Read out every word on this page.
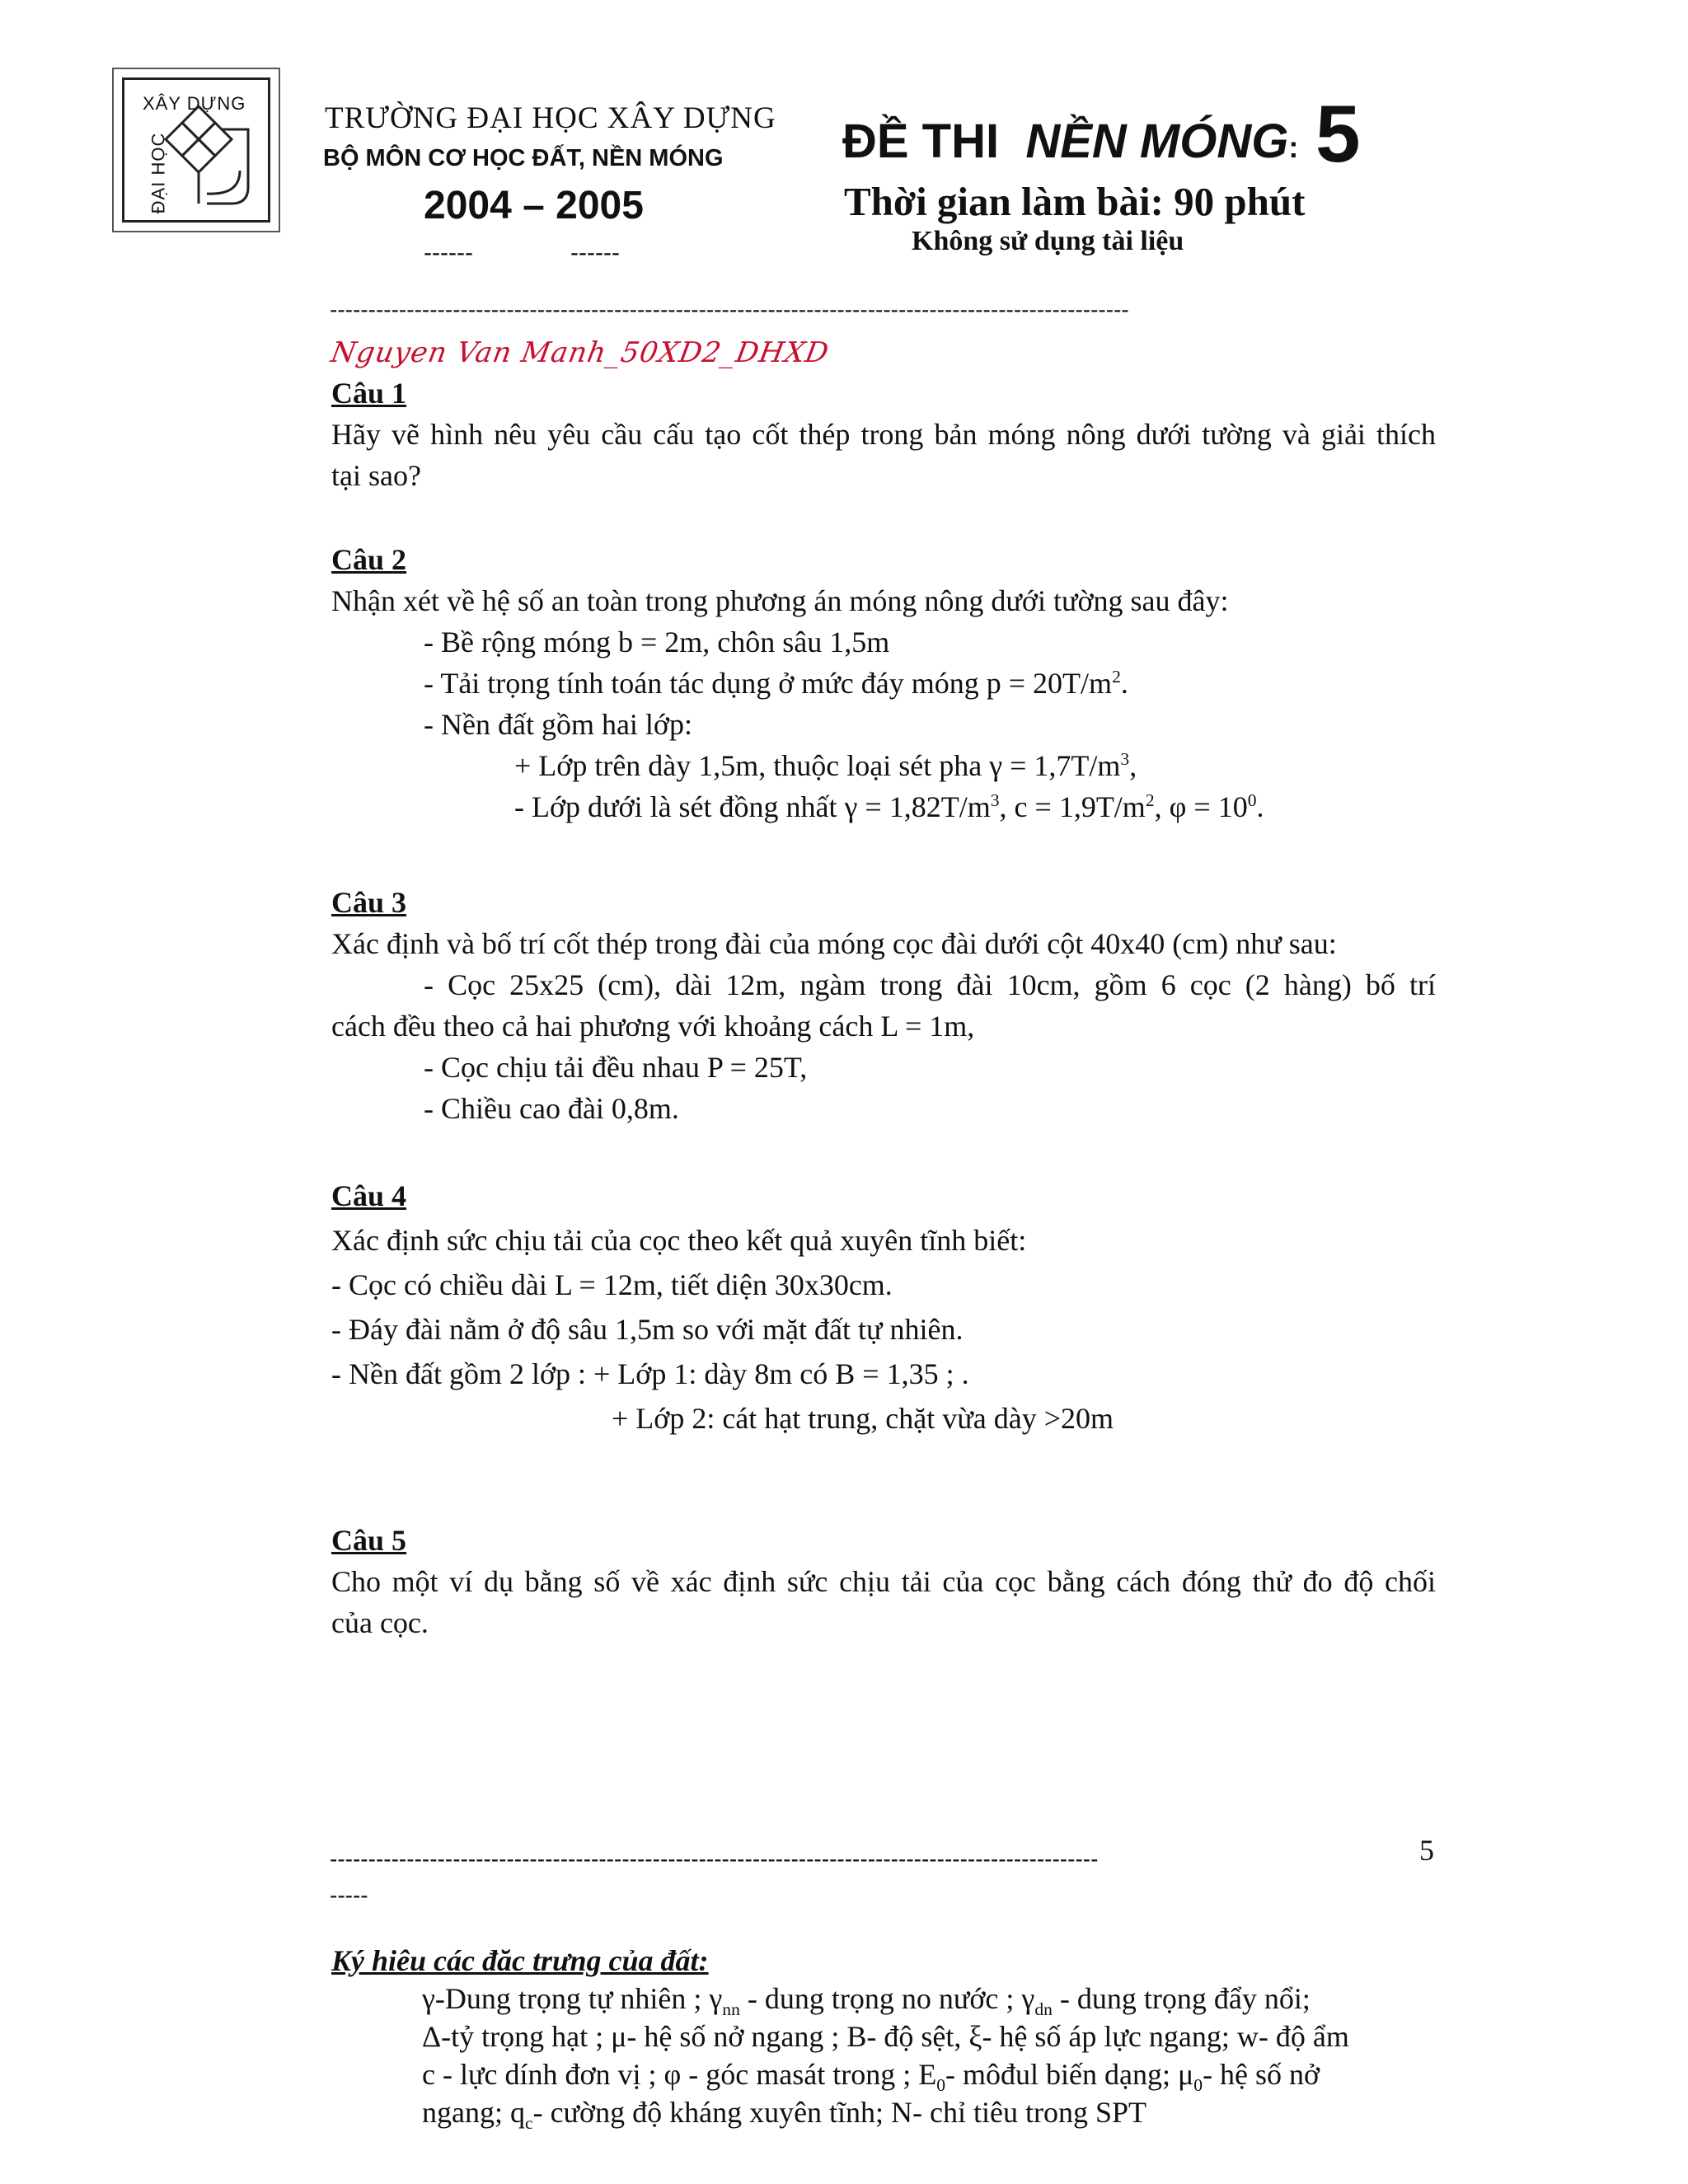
XÂY DỰNG
ĐẠI HỌC
TRƯỜNG ĐẠI HỌC XÂY DỰNG
BỘ MÔN CƠ HỌC ĐẤT, NỀN MÓNG
2004 – 2005
------	------
ĐỀ THI NỀN MÓNG: 5
Thời gian làm bài: 90 phút
Không sử dụng tài liệu
--------------------------------------------------------------------------------------------------------
Nguyen Van Manh_50XD2_DHXD
Câu 1
Hãy vẽ hình nêu yêu cầu cấu tạo cốt thép trong bản móng nông dưới tường và giải thích
tại sao?
Câu 2
Nhận xét về hệ số an toàn trong phương án móng nông dưới tường sau đây:
- Bề rộng móng b = 2m, chôn sâu 1,5m
- Tải trọng tính toán tác dụng ở mức đáy móng $p = 20T/m^2$.
- Nền đất gồm hai lớp:
+ Lớp trên dày 1,5m, thuộc loại sét pha $\gamma = 1,7T/m^3$,
- Lớp dưới là sét đồng nhất $\gamma = 1,82T/m^3$, $c = 1,9T/m^2$, $\varphi = 10^0$.
Câu 3
Xác định và bố trí cốt thép trong đài của móng cọc đài dưới cột 40x40 (cm) như sau:
- Cọc 25x25 (cm), dài 12m, ngàm trong đài 10cm, gồm 6 cọc (2 hàng) bố trí
cách đều theo cả hai phương với khoảng cách L = 1m,
- Cọc chịu tải đều nhau P = 25T,
- Chiều cao đài 0,8m.
Câu 4
Xác định sức chịu tải của cọc theo kết quả xuyên tĩnh biết:
- Cọc có chiều dài L = 12m, tiết diện 30x30cm.
- Đáy đài nằm ở độ sâu 1,5m so với mặt đất tự nhiên.
- Nền đất gồm 2 lớp : + Lớp 1: dày 8m có B = 1,35 ; .
+ Lớp 2: cát hạt trung, chặt vừa dày >20m
Câu 5
Cho một ví dụ bằng số về xác định sức chịu tải của cọc bằng cách đóng thử đo độ chối
của cọc.
----------------------------------------------------------------------------------------------------
-----
5
Ký hiêu các đăc trưng của đất:
γ-Dung trọng tự nhiên ; $\gamma_{nn}$ - dung trọng no nước ; $\gamma_{dn}$ - dung trọng đẩy nổi;
Δ-tỷ trọng hạt ; μ- hệ số nở ngang ; B- độ sệt, ξ- hệ số áp lực ngang; w- độ ẩm
c - lực dính đơn vị ; φ - góc masát trong ; $E_0-$ môđul biến dạng; $\mu_0-$ hệ số nở
ngang; $q_c-$ cường độ kháng xuyên tĩnh; N- chỉ tiêu trong SPT
